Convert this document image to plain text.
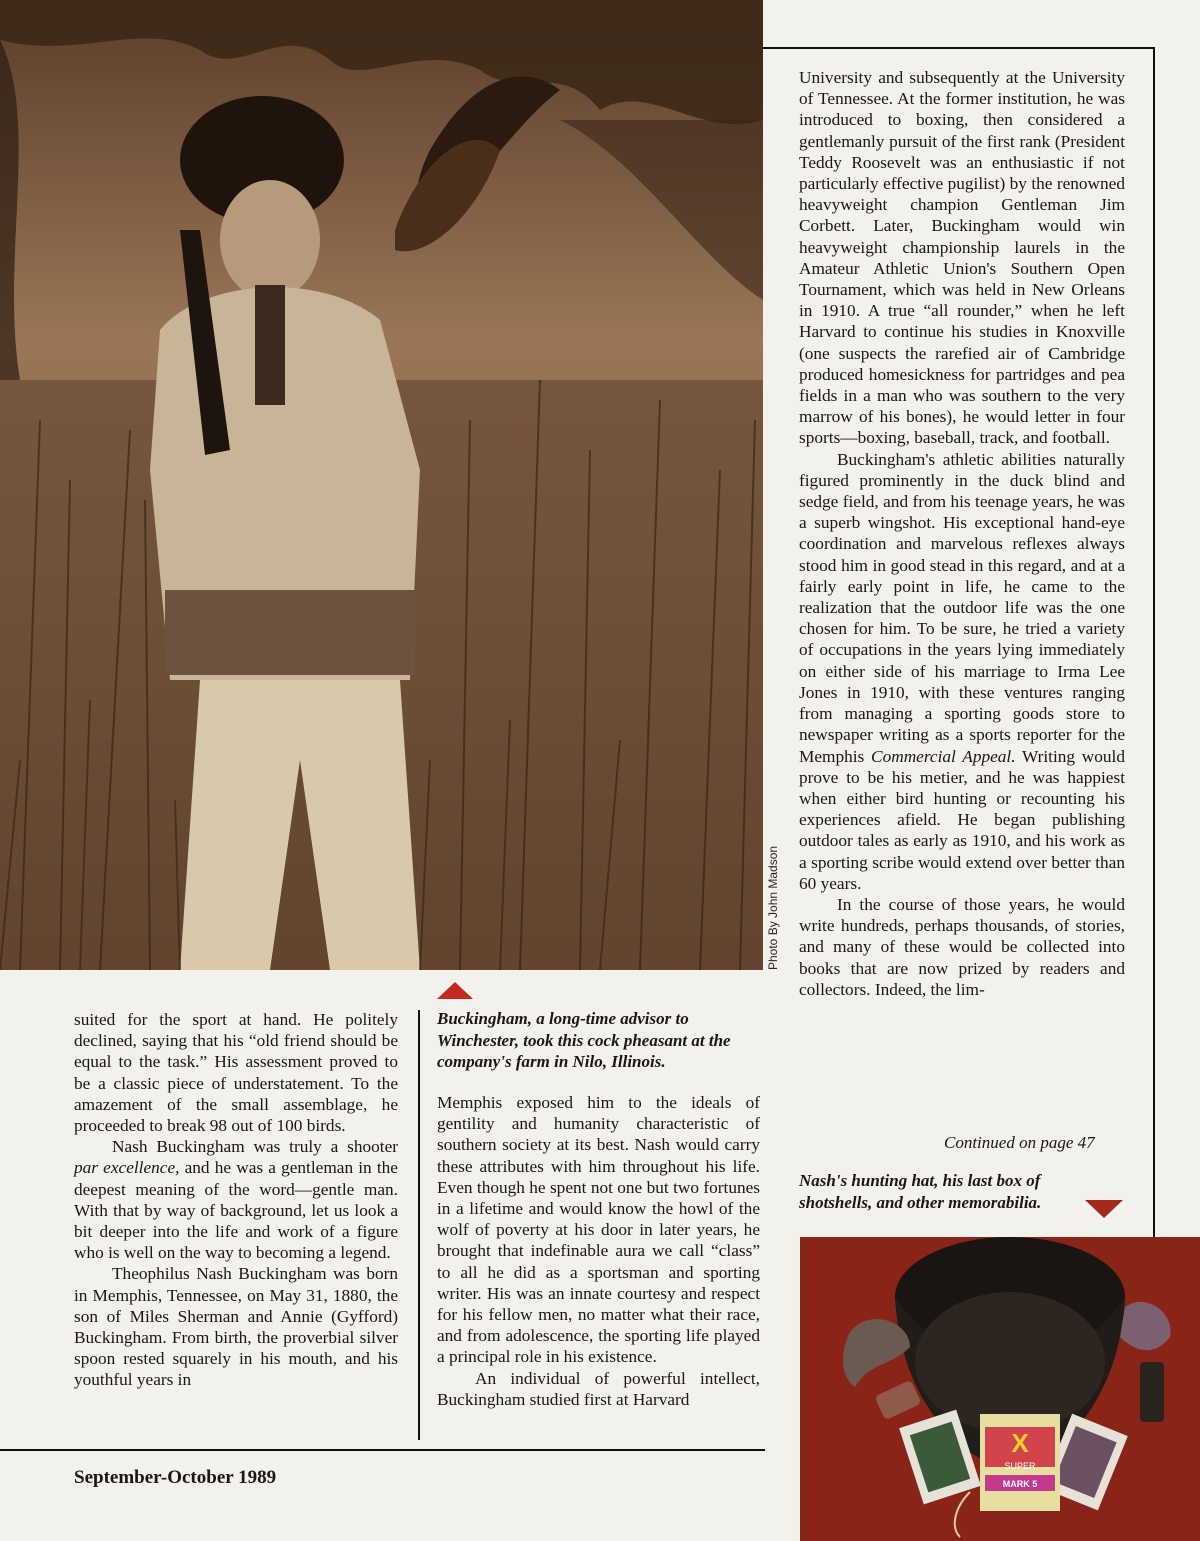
Photo By John Madson

University and subsequently at the University of Tennessee. At the former institution, he was introduced to boxing, then considered a gentlemanly pursuit of the first rank (President Teddy Roosevelt was an enthusiastic if not particularly effective pugilist) by the renowned heavyweight champion Gentleman Jim Corbett. Later, Buckingham would win heavyweight championship laurels in the Amateur Athletic Union's Southern Open Tournament, which was held in New Orleans in 1910. A true “all rounder,” when he left Harvard to continue his studies in Knoxville (one suspects the rarefied air of Cambridge produced homesickness for partridges and pea fields in a man who was southern to the very marrow of his bones), he would letter in four sports—boxing, baseball, track, and football.

Buckingham's athletic abilities naturally figured prominently in the duck blind and sedge field, and from his teenage years, he was a superb wingshot. His exceptional hand-eye coordination and marvelous reflexes always stood him in good stead in this regard, and at a fairly early point in life, he came to the realization that the outdoor life was the one chosen for him. To be sure, he tried a variety of occupations in the years lying immediately on either side of his marriage to Irma Lee Jones in 1910, with these ventures ranging from managing a sporting goods store to newspaper writing as a sports reporter for the Memphis Commercial Appeal. Writing would prove to be his metier, and he was happiest when either bird hunting or recounting his experiences afield. He began publishing outdoor tales as early as 1910, and his work as a sporting scribe would extend over better than 60 years.

In the course of those years, he would write hundreds, perhaps thousands, of stories, and many of these would be collected into books that are now prized by readers and collectors. Indeed, the lim-

Continued on page 47
Buckingham, a long-time advisor to Winchester, took this cock pheasant at the company's farm in Nilo, Illinois.

suited for the sport at hand. He politely declined, saying that his “old friend should be equal to the task.” His assessment proved to be a classic piece of understatement. To the amazement of the small assemblage, he proceeded to break 98 out of 100 birds.

Nash Buckingham was truly a shooter par excellence, and he was a gentleman in the deepest meaning of the word—gentle man. With that by way of background, let us look a bit deeper into the life and work of a figure who is well on the way to becoming a legend.

Theophilus Nash Buckingham was born in Memphis, Tennessee, on May 31, 1880, the son of Miles Sherman and Annie (Gyfford) Buckingham. From birth, the proverbial silver spoon rested squarely in his mouth, and his youthful years in

Memphis exposed him to the ideals of gentility and humanity characteristic of southern society at its best. Nash would carry these attributes with him throughout his life. Even though he spent not one but two fortunes in a lifetime and would know the howl of the wolf of poverty at his door in later years, he brought that indefinable aura we call “class” to all he did as a sportsman and sporting writer. His was an innate courtesy and respect for his fellow men, no matter what their race, and from adolescence, the sporting life played a principal role in his existence.

An individual of powerful intellect, Buckingham studied first at Harvard

Nash's hunting hat, his last box of shotshells, and other memorabilia.
X
SUPER
MARK 5
September-October 1989
